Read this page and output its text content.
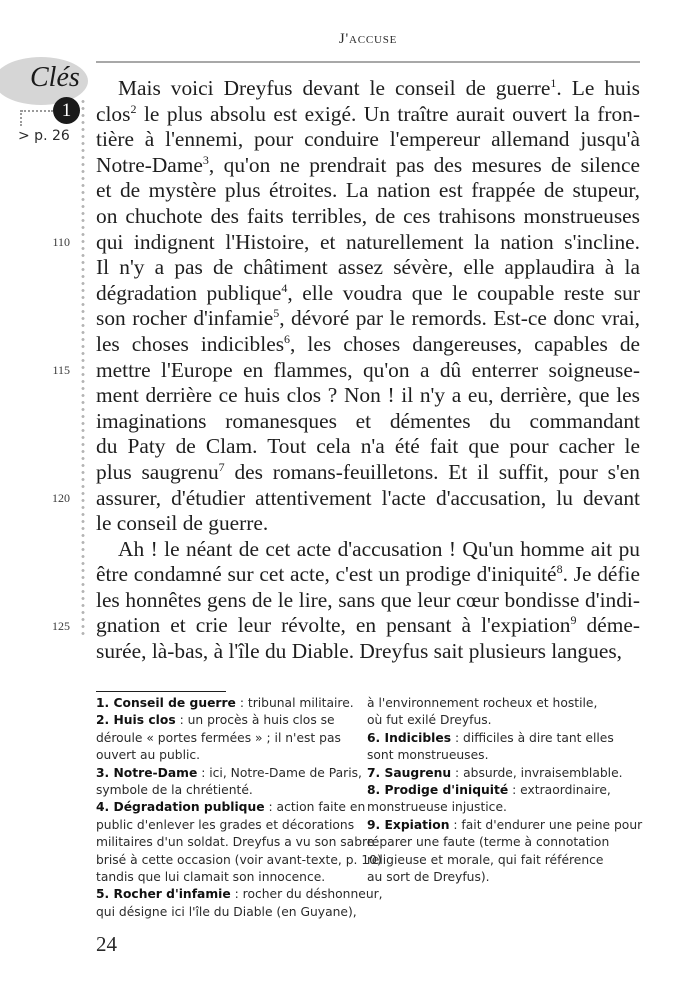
J'accuse
Clés
1
> p. 26
110
115
120
125
Mais voici Dreyfus devant le conseil de guerre$^1$. Le huis
clos$^2$ le plus absolu est exigé. Un traître aurait ouvert la fron-
tière à l'ennemi, pour conduire l'empereur allemand jusqu'à
Notre-Dame$^3$, qu'on ne prendrait pas des mesures de silence
et de mystère plus étroites. La nation est frappée de stupeur,
on chuchote des faits terribles, de ces trahisons monstrueuses
qui indignent l'Histoire, et naturellement la nation s'incline.
Il n'y a pas de châtiment assez sévère, elle applaudira à la
dégradation publique$^4$, elle voudra que le coupable reste sur
son rocher d'infamie$^5$, dévoré par le remords. Est-ce donc vrai,
les choses indicibles$^6$, les choses dangereuses, capables de
mettre l'Europe en flammes, qu'on a dû enterrer soigneuse-
ment derrière ce huis clos ? Non ! il n'y a eu, derrière, que les
imaginations romanesques et démentes du commandant
du Paty de Clam. Tout cela n'a été fait que pour cacher le
plus saugrenu$^7$ des romans-feuilletons. Et il suffit, pour s'en
assurer, d'étudier attentivement l'acte d'accusation, lu devant
le conseil de guerre.
Ah ! le néant de cet acte d'accusation ! Qu'un homme ait pu
être condamné sur cet acte, c'est un prodige d'iniquité$^8$. Je défie
les honnêtes gens de le lire, sans que leur cœur bondisse d'indi-
gnation et crie leur révolte, en pensant à l'expiation$^9$ déme-
surée, là-bas, à l'île du Diable. Dreyfus sait plusieurs langues,
1. Conseil de guerre : tribunal militaire.
2. Huis clos : un procès à huis clos se
déroule « portes fermées » ; il n'est pas
ouvert au public.
3. Notre-Dame : ici, Notre-Dame de Paris,
symbole de la chrétienté.
4. Dégradation publique : action faite en
public d'enlever les grades et décorations
militaires d'un soldat. Dreyfus a vu son sabre
brisé à cette occasion (voir avant-texte, p. 10)
tandis que lui clamait son innocence.
5. Rocher d'infamie : rocher du déshonneur,
qui désigne ici l'île du Diable (en Guyane),
à l'environnement rocheux et hostile,
où fut exilé Dreyfus.
6. Indicibles : difficiles à dire tant elles
sont monstrueuses.
7. Saugrenu : absurde, invraisemblable.
8. Prodige d'iniquité : extraordinaire,
monstrueuse injustice.
9. Expiation : fait d'endurer une peine pour
réparer une faute (terme à connotation
religieuse et morale, qui fait référence
au sort de Dreyfus).
24
